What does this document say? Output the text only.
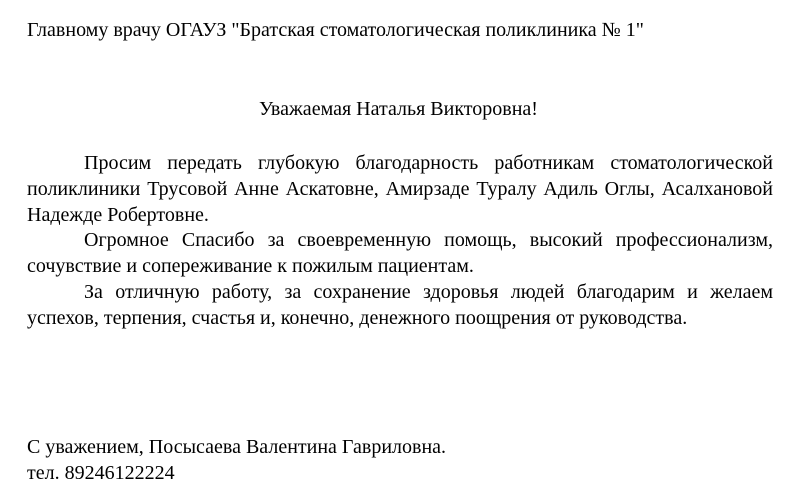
Главному врачу ОГАУЗ "Братская стоматологическая поликлиника № 1"
Уважаемая Наталья Викторовна!

Просим передать глубокую благодарность работникам стоматологической поликлиники Трусовой Анне Аскатовне, Амирзаде Туралу Адиль Оглы, Асалхановой Надежде Робертовне.

Огромное Спасибо за своевременную помощь, высокий профессионализм, сочувствие и сопереживание к пожилым пациентам.

За отличную работу, за сохранение здоровья людей благодарим и желаем успехов, терпения, счастья и, конечно, денежного поощрения от руководства.

С уважением, Посысаева Валентина Гавриловна.
тел. 89246122224
